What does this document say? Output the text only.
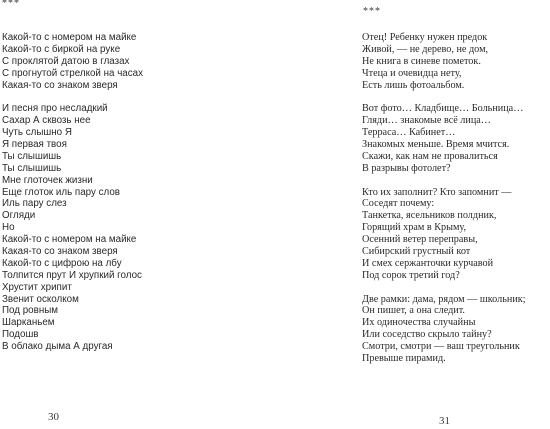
***
Какой-то с номером на майке
Какой-то с биркой на руке
С проклятой датою в глазах
С прогнутой стрелкой на часах
Какая-то со знаком зверя
И песня про несладкий
Сахар А сквозь нее
Чуть слышно Я
Я первая твоя
Ты слышишь
Ты слышишь
Мне глоточек жизни
Еще глоток иль пару слов
Иль пару слез
Огляди
Но
Какой-то с номером на майке
Какая-то со знаком зверя
Какой-то с цифрою на лбу
Толпится прут И хрупкий голос
Хрустит хрипит
Звенит осколком
Под ровным
Шарканьем
Подошв
В облако дыма А другая
30
***
Отец! Ребенку нужен предок
Живой, — не дерево, не дом,
Не книга в синеве пометок.
Чтеца и очевидца нету,
Есть лишь фотоальбом.
Вот фото… Кладбище… Больница…
Гляди… знакомые всё лица…
Терраса… Кабинет…
Знакомых меньше. Время мчится.
Скажи, как нам не провалиться
В разрывы фотолет?
Кто их заполнит? Кто запомнит —
Соседят почему:
Танкетка, ясельников полдник,
Горящий храм в Крыму,
Осенний ветер переправы,
Сибирский грустный кот
И смех сержанточки курчавой
Под сорок третий год?
Две рамки: дама, рядом — школьник;
Он пишет, а она следит.
Их одиночества случайны
Или соседство скрыло тайну?
Смотри, смотри — ваш треугольник
Превыше пирамид.
31
